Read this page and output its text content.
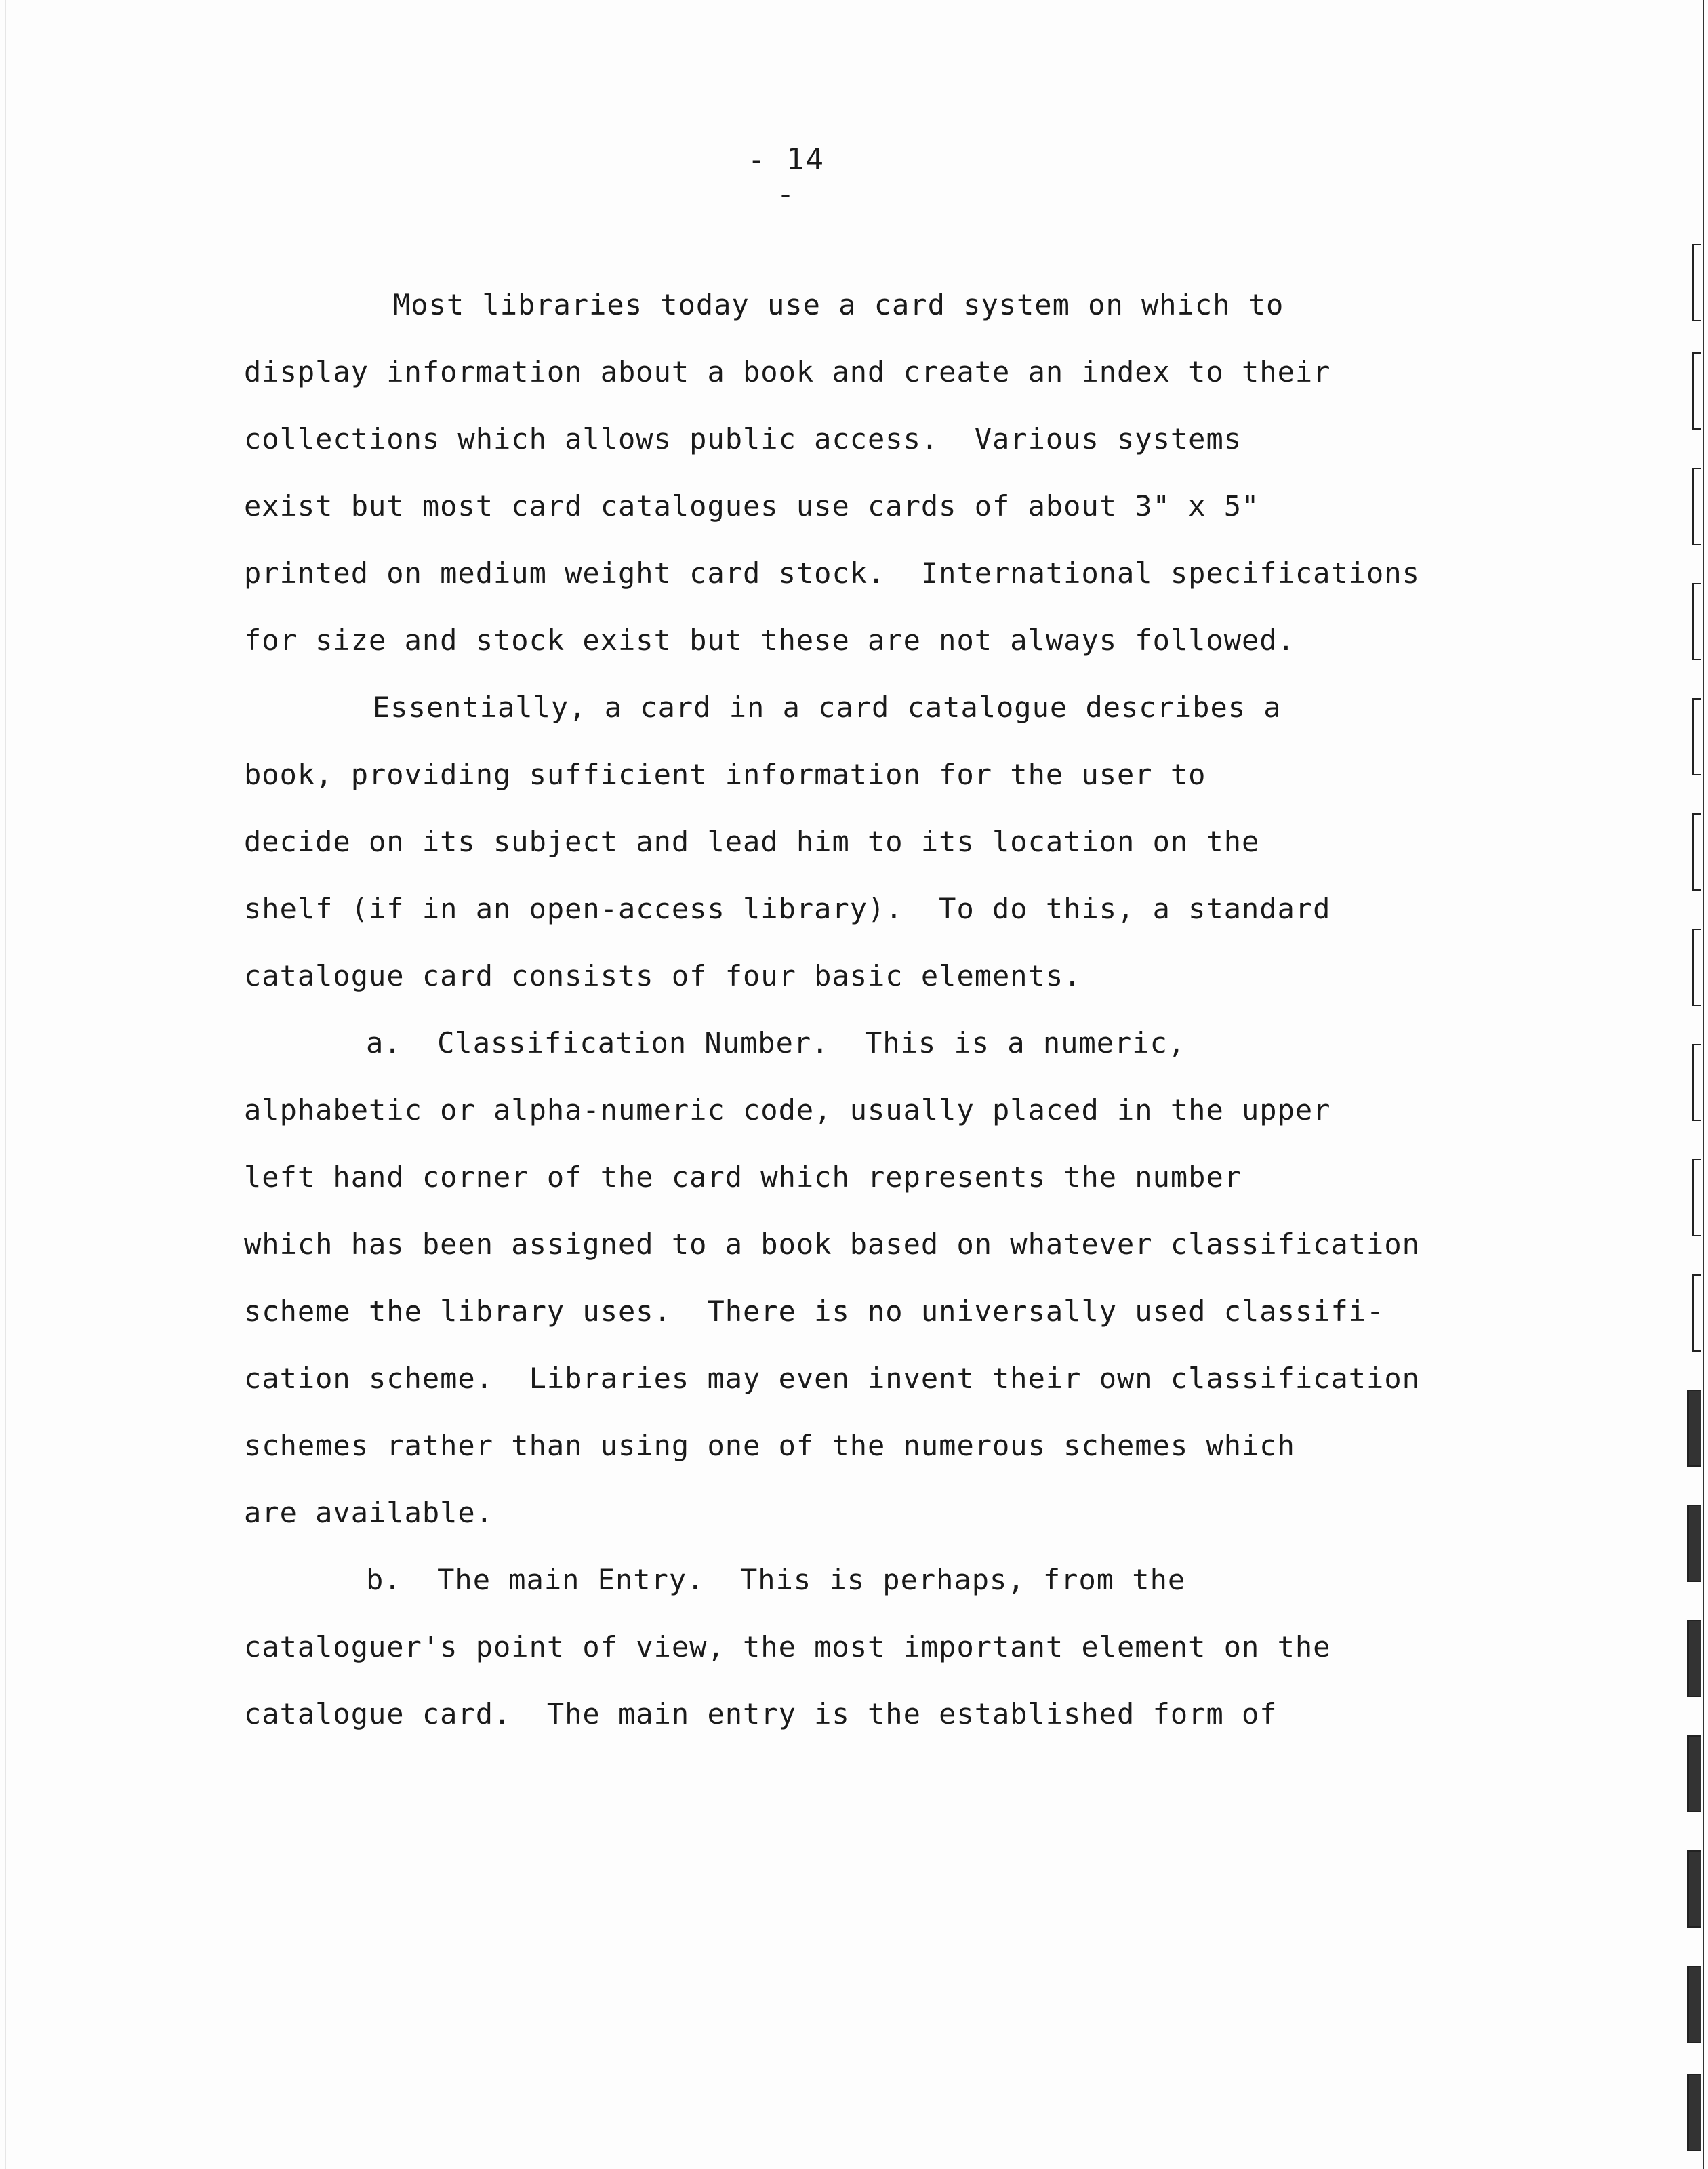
- 14 -
Most libraries today use a card system on which to
display information about a book and create an index to their
collections which allows public access.  Various systems
exist but most card catalogues use cards of about 3" x 5"
printed on medium weight card stock.  International specifications
for size and stock exist but these are not always followed.
Essentially, a card in a card catalogue describes a
book, providing sufficient information for the user to
decide on its subject and lead him to its location on the
shelf (if in an open-access library).  To do this, a standard
catalogue card consists of four basic elements.
a.  Classification Number.  This is a numeric,
alphabetic or alpha-numeric code, usually placed in the upper
left hand corner of the card which represents the number
which has been assigned to a book based on whatever classification
scheme the library uses.  There is no universally used classifi-
cation scheme.  Libraries may even invent their own classification
schemes rather than using one of the numerous schemes which
are available.
b.  The main Entry.  This is perhaps, from the
cataloguer's point of view, the most important element on the
catalogue card.  The main entry is the established form of
